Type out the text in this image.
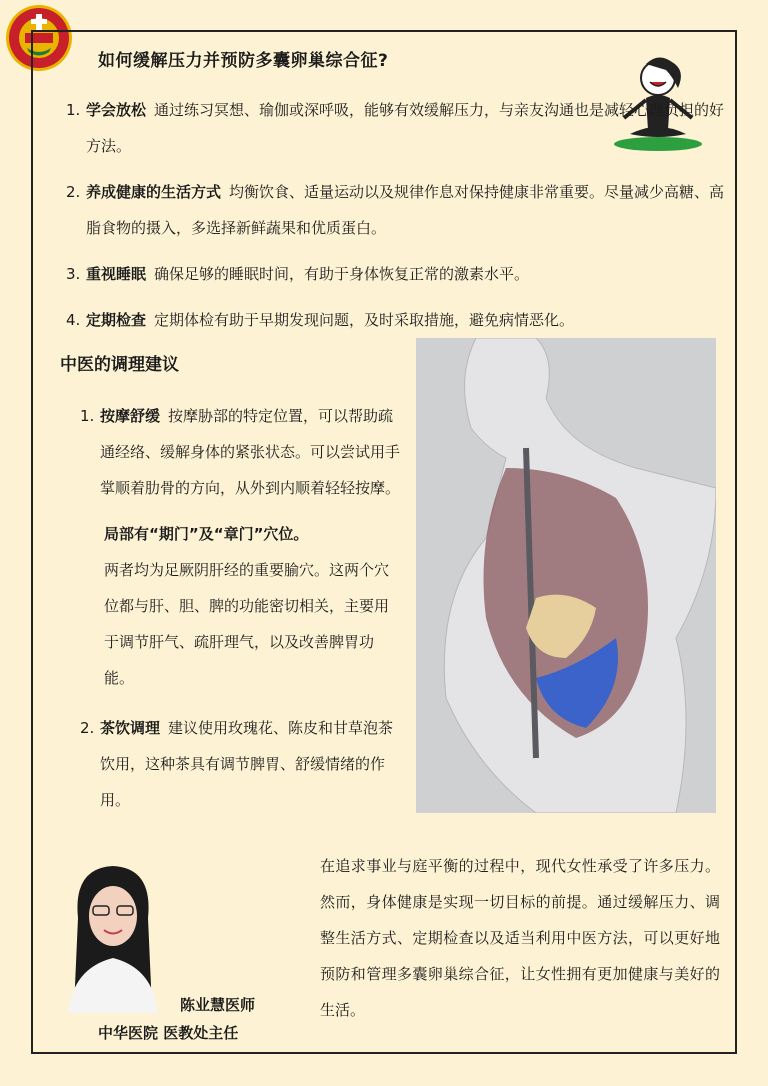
如何缓解压力并预防多囊卵巢综合征?
1. 学会放松 通过练习冥想、瑜伽或深呼吸，能够有效缓解压力，与亲友沟通也是减轻心理负担的好方法。
2. 养成健康的生活方式 均衡饮食、适量运动以及规律作息对保持健康非常重要。尽量减少高糖、高脂食物的摄入，多选择新鲜蔬果和优质蛋白。
3. 重视睡眠 确保足够的睡眠时间，有助于身体恢复正常的激素水平。
4. 定期检查 定期体检有助于早期发现问题，及时采取措施，避免病情恶化。
中医的调理建议
1. 按摩舒缓 按摩胁部的特定位置，可以帮助疏通经络、缓解身体的紧张状态。可以尝试用手掌顺着肋骨的方向，从外到内顺着轻轻按摩。
局部有“期门”及“章门”穴位。
两者均为足厥阴肝经的重要腧穴。这两个穴位都与肝、胆、脾的功能密切相关，主要用于调节肝气、疏肝理气，以及改善脾胃功能。
2. 茶饮调理 建议使用玫瑰花、陈皮和甘草泡茶饮用，这种茶具有调节脾胃、舒缓情绪的作用。
在追求事业与庭平衡的过程中，现代女性承受了许多压力。然而，身体健康是实现一切目标的前提。通过缓解压力、调整生活方式、定期检查以及适当利用中医方法，可以更好地预防和管理多囊卵巢综合征，让女性拥有更加健康与美好的生活。
陈业慧医师
中华医院 医教处主任
